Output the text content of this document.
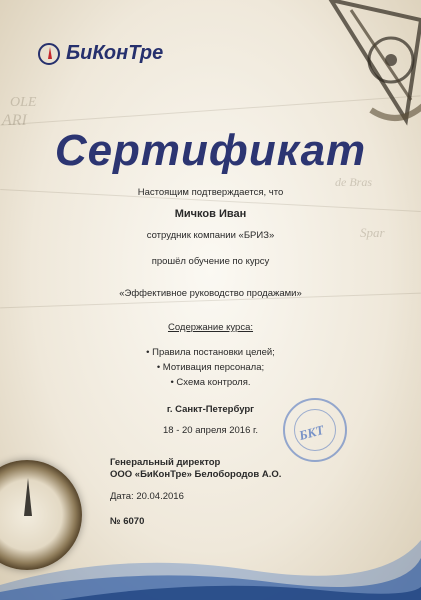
OLE
ARI
de Bras
Spar
БиКонТре
Сертификат
Настоящим подтверждается, что
Мичков Иван
сотрудник компании «БРИЗ»
прошёл обучение по курсу
«Эффективное руководство продажами»
Содержание курса:
• Правила постановки целей;
• Мотивация персонала;
• Схема контроля.
г. Санкт-Петербург
18 - 20 апреля 2016 г.
Генеральный директор
ООО «БиКонТре» Белобородов А.О.
Дата: 20.04.2016
№ 6070
БКТ
